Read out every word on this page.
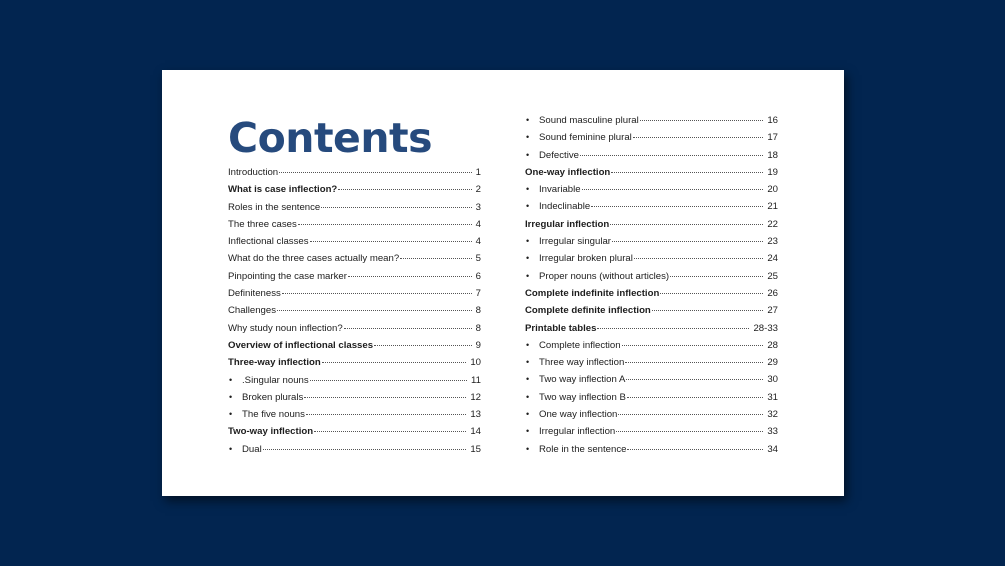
Contents
Introduction	1
What is case inflection?	2
Roles in the sentence	3
The three cases	4
Inflectional classes	4
What do the three cases actually mean?	5
Pinpointing the case marker	6
Definiteness	7
Challenges	8
Why study noun inflection?	8
Overview of inflectional classes	9
Three-way inflection	10
• .Singular nouns	11
• Broken plurals	12
• The five nouns	13
Two-way inflection	14
• Dual	15
• Sound masculine plural	16
• Sound feminine plural	17
• Defective	18
One-way inflection	19
• Invariable	20
• Indeclinable	21
Irregular inflection	22
• Irregular singular	23
• Irregular broken plural	24
• Proper nouns (without articles)	25
Complete indefinite inflection	26
Complete definite inflection	27
Printable tables	28-33
• Complete inflection	28
• Three way inflection	29
• Two way inflection A	30
• Two way inflection B	31
• One way inflection	32
• Irregular inflection	33
• Role in the sentence	34
